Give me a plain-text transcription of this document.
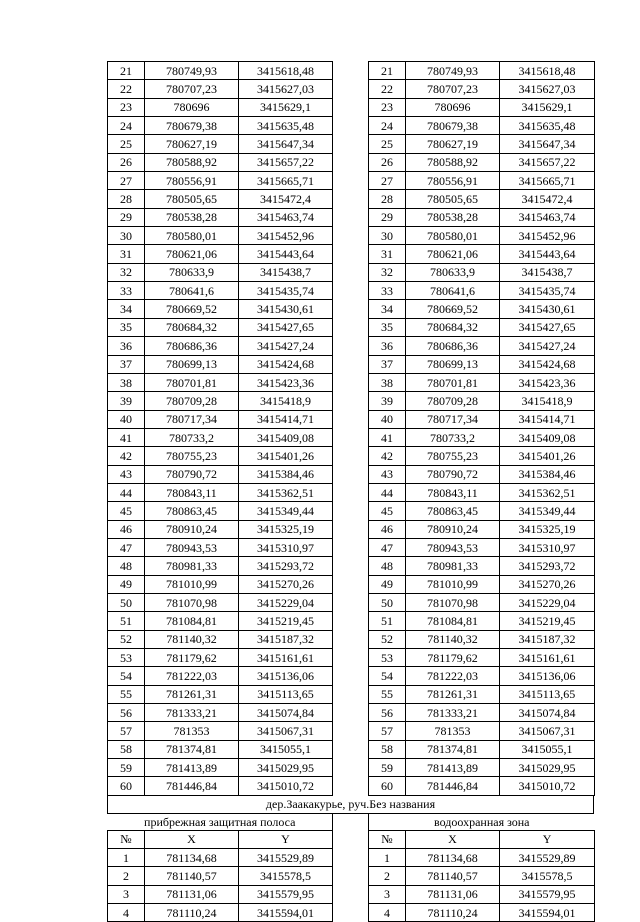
21	780749,93	3415618,48		21	780749,93	3415618,48
22	780707,23	3415627,03		22	780707,23	3415627,03
23	780696	3415629,1		23	780696	3415629,1
24	780679,38	3415635,48		24	780679,38	3415635,48
25	780627,19	3415647,34		25	780627,19	3415647,34
26	780588,92	3415657,22		26	780588,92	3415657,22
27	780556,91	3415665,71		27	780556,91	3415665,71
28	780505,65	3415472,4		28	780505,65	3415472,4
29	780538,28	3415463,74		29	780538,28	3415463,74
30	780580,01	3415452,96		30	780580,01	3415452,96
31	780621,06	3415443,64		31	780621,06	3415443,64
32	780633,9	3415438,7		32	780633,9	3415438,7
33	780641,6	3415435,74		33	780641,6	3415435,74
34	780669,52	3415430,61		34	780669,52	3415430,61
35	780684,32	3415427,65		35	780684,32	3415427,65
36	780686,36	3415427,24		36	780686,36	3415427,24
37	780699,13	3415424,68		37	780699,13	3415424,68
38	780701,81	3415423,36		38	780701,81	3415423,36
39	780709,28	3415418,9		39	780709,28	3415418,9
40	780717,34	3415414,71		40	780717,34	3415414,71
41	780733,2	3415409,08		41	780733,2	3415409,08
42	780755,23	3415401,26		42	780755,23	3415401,26
43	780790,72	3415384,46		43	780790,72	3415384,46
44	780843,11	3415362,51		44	780843,11	3415362,51
45	780863,45	3415349,44		45	780863,45	3415349,44
46	780910,24	3415325,19		46	780910,24	3415325,19
47	780943,53	3415310,97		47	780943,53	3415310,97
48	780981,33	3415293,72		48	780981,33	3415293,72
49	781010,99	3415270,26		49	781010,99	3415270,26
50	781070,98	3415229,04		50	781070,98	3415229,04
51	781084,81	3415219,45		51	781084,81	3415219,45
52	781140,32	3415187,32		52	781140,32	3415187,32
53	781179,62	3415161,61		53	781179,62	3415161,61
54	781222,03	3415136,06		54	781222,03	3415136,06
55	781261,31	3415113,65		55	781261,31	3415113,65
56	781333,21	3415074,84		56	781333,21	3415074,84
57	781353	3415067,31		57	781353	3415067,31
58	781374,81	3415055,1		58	781374,81	3415055,1
59	781413,89	3415029,95		59	781413,89	3415029,95
60	781446,84	3415010,72		60	781446,84	3415010,72
дер.Заакакурье, руч.Без названия
прибрежная защитная полоса				водоохранная зона		
№	X	Y		№	X	Y
1	781134,68	3415529,89		1	781134,68	3415529,89
2	781140,57	3415578,5		2	781140,57	3415578,5
3	781131,06	3415579,95		3	781131,06	3415579,95
4	781110,24	3415594,01		4	781110,24	3415594,01
